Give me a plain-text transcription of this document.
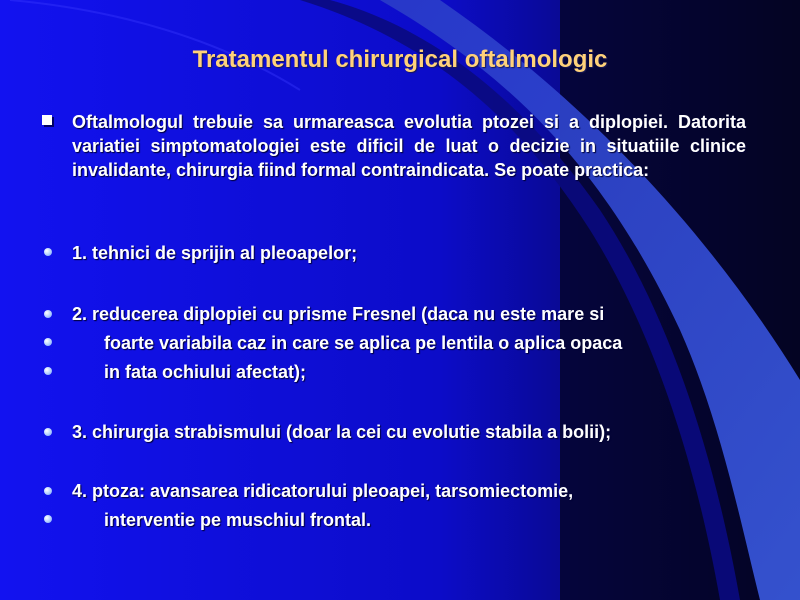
Tratamentul chirurgical oftalmologic
Oftalmologul trebuie sa urmareasca evolutia ptozei si a diplopiei. Datorita variatiei simptomatologiei este dificil de luat o decizie in situatiile clinice invalidante, chirurgia fiind formal contraindicata. Se poate practica:
1. tehnici de sprijin al pleoapelor;
2. reducerea diplopiei cu prisme Fresnel (daca nu este mare si
foarte variabila caz in care se aplica pe lentila o aplica opaca
in fata ochiului afectat);
3. chirurgia strabismului (doar la cei cu evolutie stabila a bolii);
4. ptoza: avansarea ridicatorului pleoapei, tarsomiectomie,
interventie pe muschiul frontal.
